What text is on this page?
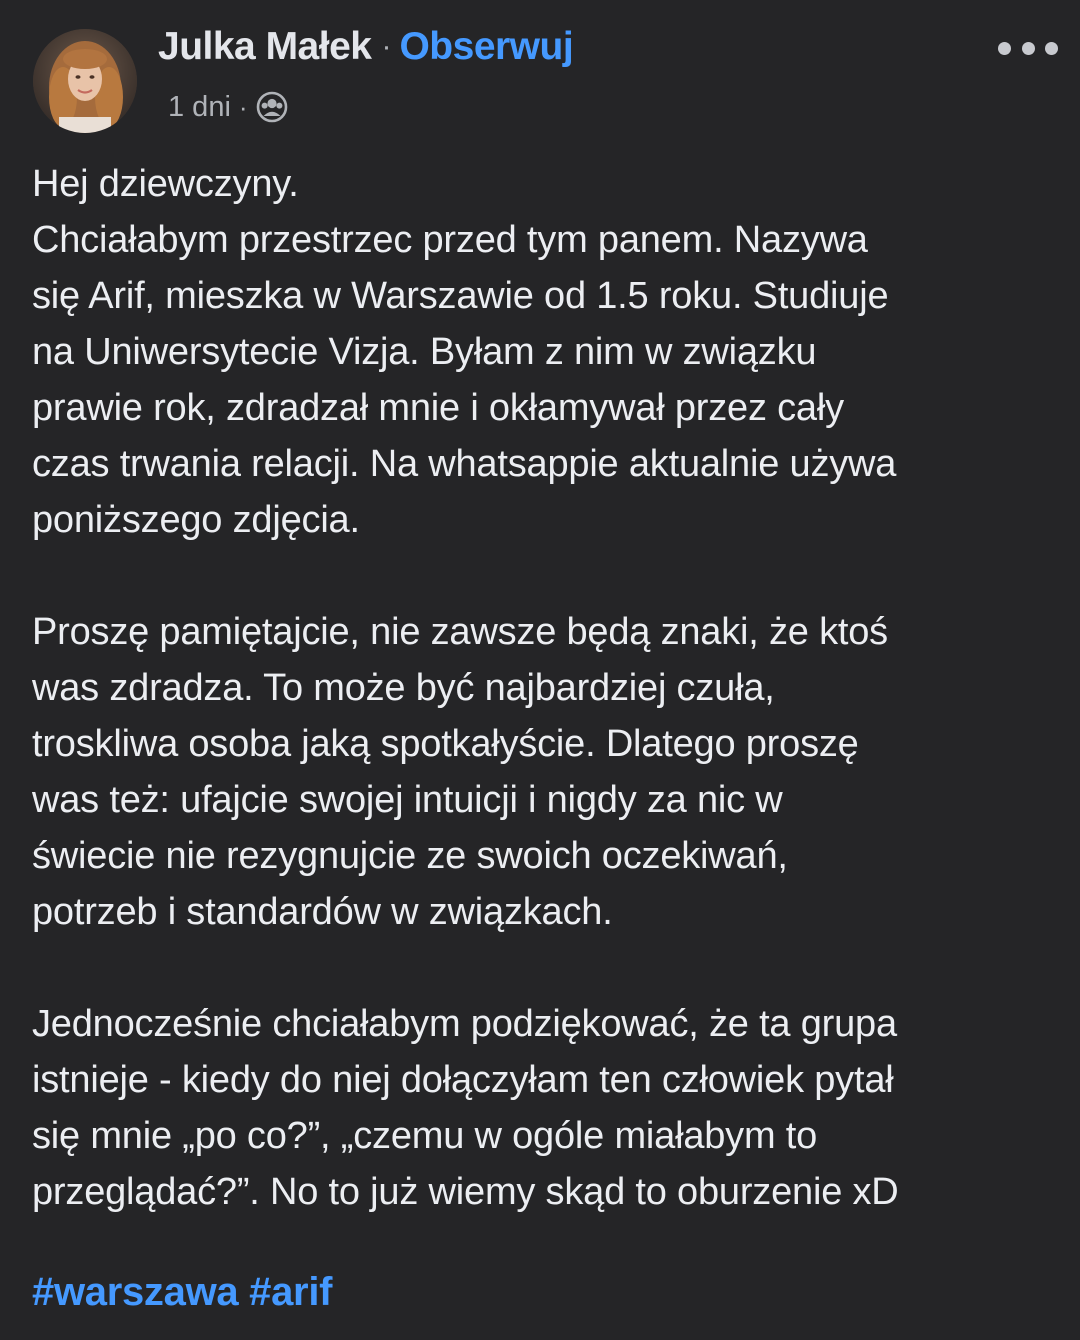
Julka Małek · Obserwuj
1 dni ·
Hej dziewczyny.
Chciałabym przestrzec przed tym panem. Nazywa
się Arif, mieszka w Warszawie od 1.5 roku. Studiuje
na Uniwersytecie Vizja. Byłam z nim w związku
prawie rok, zdradzał mnie i okłamywał przez cały
czas trwania relacji. Na whatsappie aktualnie używa
poniższego zdjęcia.
Proszę pamiętajcie, nie zawsze będą znaki, że ktoś
was zdradza. To może być najbardziej czuła,
troskliwa osoba jaką spotkałyście. Dlatego proszę
was też: ufajcie swojej intuicji i nigdy za nic w
świecie nie rezygnujcie ze swoich oczekiwań,
potrzeb i standardów w związkach.
Jednocześnie chciałabym podziękować, że ta grupa
istnieje - kiedy do niej dołączyłam ten człowiek pytał
się mnie „po co?”, „czemu w ogóle miałabym to
przeglądać?”. No to już wiemy skąd to oburzenie xD
#warszawa #arif
